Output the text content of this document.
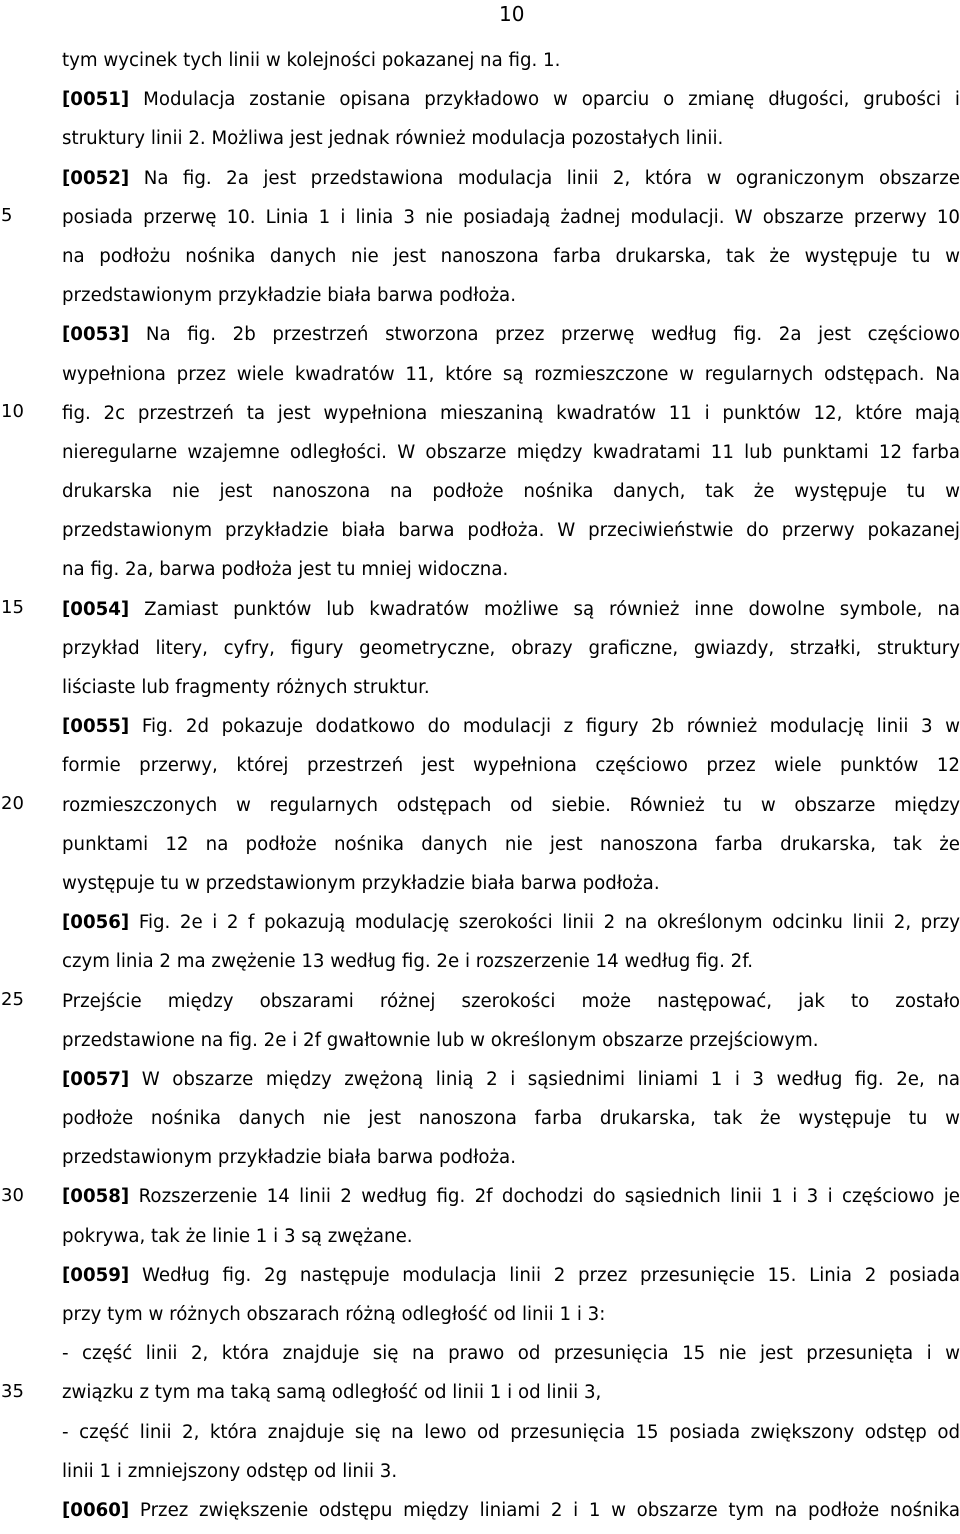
10
5
10
15
20
25
30
35
tym wycinek tych linii w kolejności pokazanej na fig. 1.
[0051] Modulacja zostanie opisana przykładowo w oparciu o zmianę długości, grubości i
struktury linii 2. Możliwa jest jednak również modulacja pozostałych linii.
[0052] Na fig. 2a jest przedstawiona modulacja linii 2, która w ograniczonym obszarze
posiada przerwę 10. Linia 1 i linia 3 nie posiadają żadnej modulacji. W obszarze przerwy 10
na podłożu nośnika danych nie jest nanoszona farba drukarska, tak że występuje tu w
przedstawionym przykładzie biała barwa podłoża.
[0053] Na fig. 2b przestrzeń stworzona przez przerwę według fig. 2a jest częściowo
wypełniona przez wiele kwadratów 11, które są rozmieszczone w regularnych odstępach. Na
fig. 2c przestrzeń ta jest wypełniona mieszaniną kwadratów 11 i punktów 12, które mają
nieregularne wzajemne odległości. W obszarze między kwadratami 11 lub punktami 12 farba
drukarska nie jest nanoszona na podłoże nośnika danych, tak że występuje tu w
przedstawionym przykładzie biała barwa podłoża. W przeciwieństwie do przerwy pokazanej
na fig. 2a, barwa podłoża jest tu mniej widoczna.
[0054] Zamiast punktów lub kwadratów możliwe są również inne dowolne symbole, na
przykład litery, cyfry, figury geometryczne, obrazy graficzne, gwiazdy, strzałki, struktury
liściaste lub fragmenty różnych struktur.
[0055] Fig. 2d pokazuje dodatkowo do modulacji z figury 2b również modulację linii 3 w
formie przerwy, której przestrzeń jest wypełniona częściowo przez wiele punktów 12
rozmieszczonych w regularnych odstępach od siebie. Również tu w obszarze między
punktami 12 na podłoże nośnika danych nie jest nanoszona farba drukarska, tak że
występuje tu w przedstawionym przykładzie biała barwa podłoża.
[0056] Fig. 2e i 2 f pokazują modulację szerokości linii 2 na określonym odcinku linii 2, przy
czym linia 2 ma zwężenie 13 według fig. 2e i rozszerzenie 14 według fig. 2f.
Przejście między obszarami różnej szerokości może następować, jak to zostało
przedstawione na fig. 2e i 2f gwałtownie lub w określonym obszarze przejściowym.
[0057] W obszarze między zwężoną linią 2 i sąsiednimi liniami 1 i 3 według fig. 2e, na
podłoże nośnika danych nie jest nanoszona farba drukarska, tak że występuje tu w
przedstawionym przykładzie biała barwa podłoża.
[0058] Rozszerzenie 14 linii 2 według fig. 2f dochodzi do sąsiednich linii 1 i 3 i częściowo je
pokrywa, tak że linie 1 i 3 są zwężane.
[0059] Według fig. 2g następuje modulacja linii 2 przez przesunięcie 15. Linia 2 posiada
przy tym w różnych obszarach różną odległość od linii 1 i 3:
- część linii 2, która znajduje się na prawo od przesunięcia 15 nie jest przesunięta i w
związku z tym ma taką samą odległość od linii 1 i od linii 3,
- część linii 2, która znajduje się na lewo od przesunięcia 15 posiada zwiększony odstęp od
linii 1 i zmniejszony odstęp od linii 3.
[0060] Przez zwiększenie odstępu między liniami 2 i 1 w obszarze tym na podłoże nośnika
